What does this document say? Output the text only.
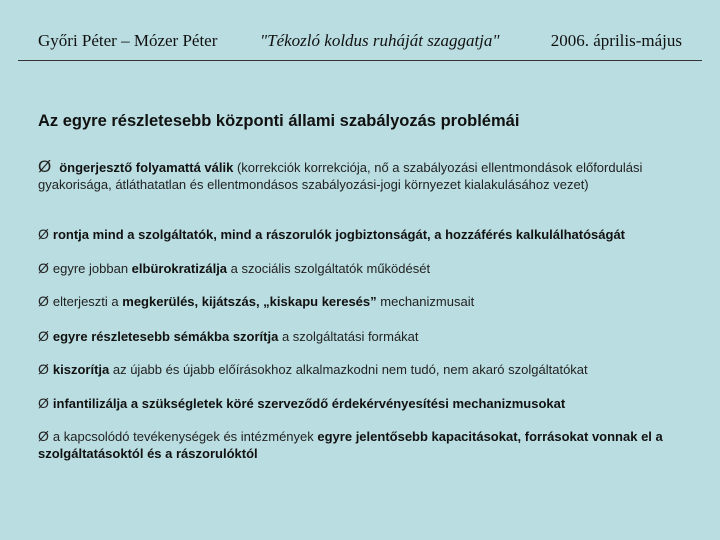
Győri Péter – Mózer Péter	"Tékozló koldus ruháját szaggatja"	2006. április-május
Az egyre részletesebb központi állami szabályozás problémái
Ø öngerjesztő folyamattá válik (korrekciók korrekciója, nő a szabályozási ellentmondások előfordulási gyakorisága, átláthatatlan és ellentmondásos szabályozási-jogi környezet kialakulásához vezet)
Ø rontja mind a szolgáltatók, mind a rászorulók jogbiztonságát, a hozzáférés kalkulálhatóságát
Ø egyre jobban elbürokratizálja a szociális szolgáltatók működését
Ø elterjeszti a megkerülés, kijátszás, „kiskapu keresés” mechanizmusait
Ø egyre részletesebb sémákba szorítja a szolgáltatási formákat
Ø kiszorítja az újabb és újabb előírásokhoz alkalmazkodni nem tudó, nem akaró szolgáltatókat
Ø infantilizálja a szükségletek köré szerveződő érdekérvényesítési mechanizmusokat
Ø a kapcsolódó tevékenységek és intézmények egyre jelentősebb kapacitásokat, forrásokat vonnak el a szolgáltatásoktól és a rászorulóktól
